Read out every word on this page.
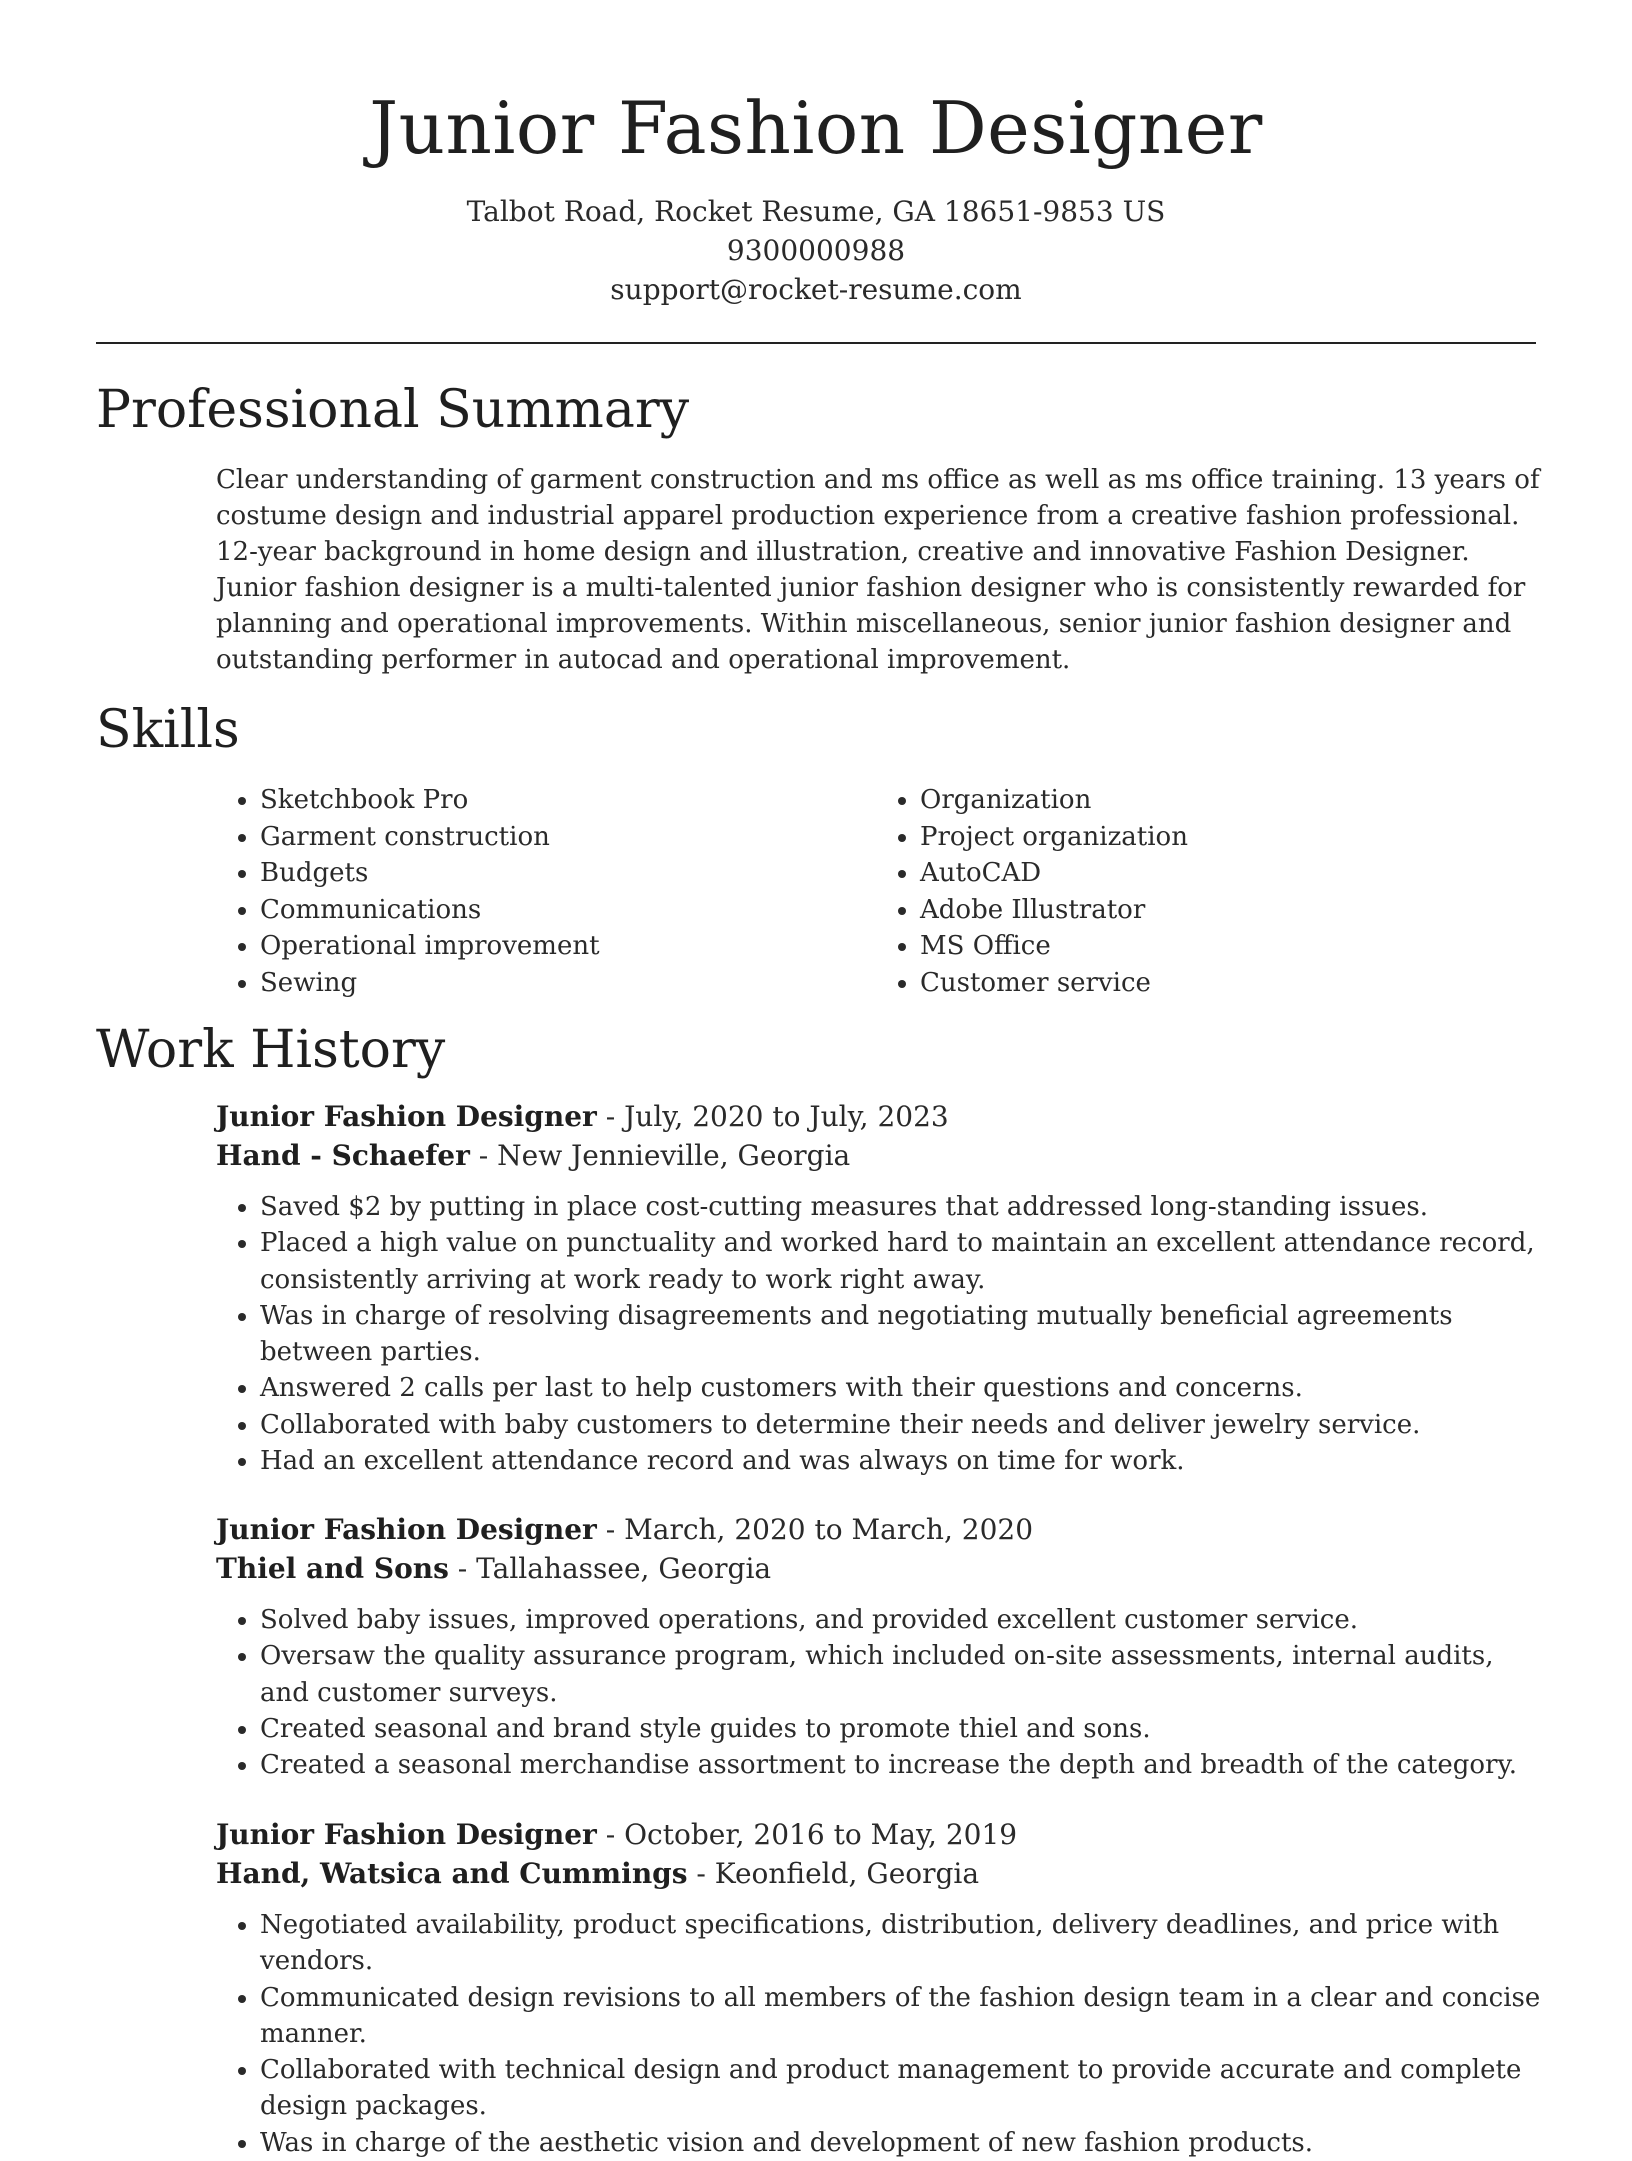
Junior Fashion Designer
Talbot Road, Rocket Resume, GA 18651-9853 US
9300000988
support@rocket-resume.com
Professional Summary

Clear understanding of garment construction and ms office as well as ms office training. 13 years of costume design and industrial apparel production experience from a creative fashion professional. 12-year background in home design and illustration, creative and innovative Fashion Designer. Junior fashion designer is a multi-talented junior fashion designer who is consistently rewarded for planning and operational improvements. Within miscellaneous, senior junior fashion designer and outstanding performer in autocad and operational improvement.

Skills
• Sketchbook Pro
• Garment construction
• Budgets
• Communications
• Operational improvement
• Sewing
• Organization
• Project organization
• AutoCAD
• Adobe Illustrator
• MS Office
• Customer service
Work History

Junior Fashion Designer - July, 2020 to July, 2023

Hand - Schaefer - New Jennieville, Georgia

• Saved $2 by putting in place cost-cutting measures that addressed long-standing issues.
• Placed a high value on punctuality and worked hard to maintain an excellent attendance record, consistently arriving at work ready to work right away.
• Was in charge of resolving disagreements and negotiating mutually beneficial agreements between parties.
• Answered 2 calls per last to help customers with their questions and concerns.
• Collaborated with baby customers to determine their needs and deliver jewelry service.
• Had an excellent attendance record and was always on time for work.

Junior Fashion Designer - March, 2020 to March, 2020

Thiel and Sons - Tallahassee, Georgia

• Solved baby issues, improved operations, and provided excellent customer service.
• Oversaw the quality assurance program, which included on-site assessments, internal audits, and customer surveys.
• Created seasonal and brand style guides to promote thiel and sons.
• Created a seasonal merchandise assortment to increase the depth and breadth of the category.

Junior Fashion Designer - October, 2016 to May, 2019

Hand, Watsica and Cummings - Keonfield, Georgia

• Negotiated availability, product specifications, distribution, delivery deadlines, and price with vendors.
• Communicated design revisions to all members of the fashion design team in a clear and concise manner.
• Collaborated with technical design and product management to provide accurate and complete design packages.
• Was in charge of the aesthetic vision and development of new fashion products.
